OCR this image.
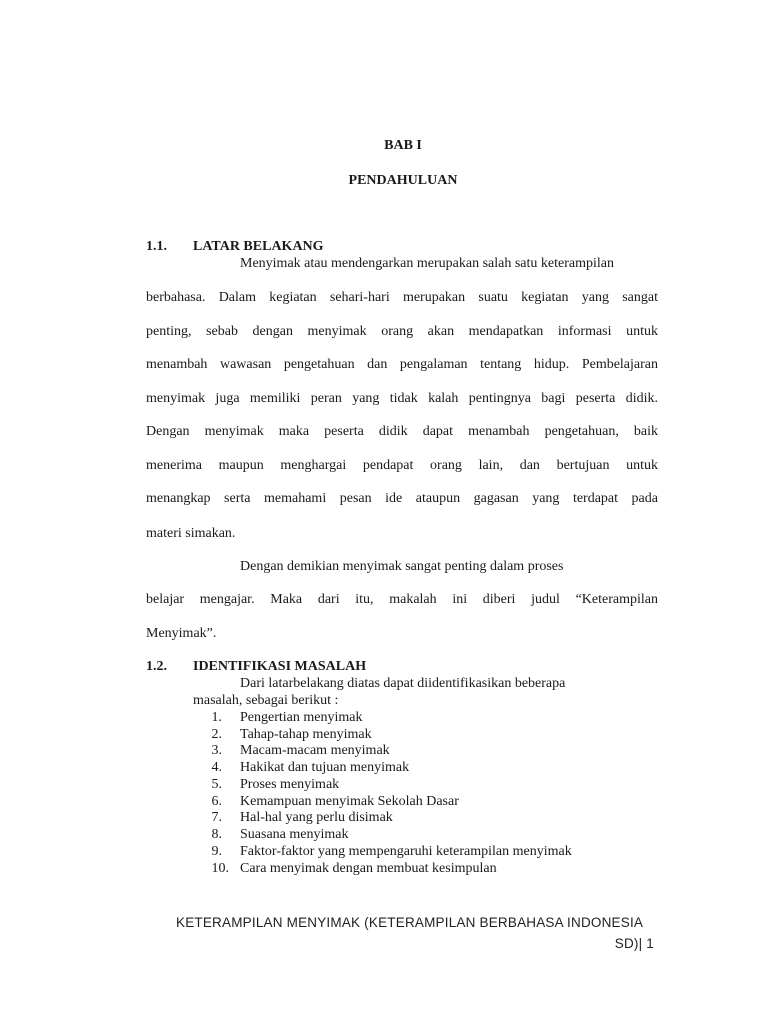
BAB I
PENDAHULUAN
1.1. LATAR BELAKANG
Menyimak atau mendengarkan merupakan salah satu keterampilan
berbahasa. Dalam kegiatan sehari-hari merupakan suatu kegiatan yang sangat
penting, sebab dengan menyimak orang akan mendapatkan informasi untuk
menambah wawasan pengetahuan dan pengalaman tentang hidup. Pembelajaran
menyimak juga memiliki peran yang tidak kalah pentingnya bagi peserta didik.
Dengan menyimak maka peserta didik dapat menambah pengetahuan, baik
menerima maupun menghargai pendapat orang lain, dan bertujuan untuk
menangkap serta memahami pesan ide ataupun gagasan yang terdapat pada
materi simakan.
Dengan demikian menyimak sangat penting dalam proses
belajar mengajar. Maka dari itu, makalah ini diberi judul “Keterampilan
Menyimak”.
1.2. IDENTIFIKASI MASALAH
Dari latarbelakang diatas dapat diidentifikasikan beberapa
masalah, sebagai berikut :
1. Pengertian menyimak
2. Tahap-tahap menyimak
3. Macam-macam menyimak
4. Hakikat dan tujuan menyimak
5. Proses menyimak
6. Kemampuan menyimak Sekolah Dasar
7. Hal-hal yang perlu disimak
8. Suasana menyimak
9. Faktor-faktor yang mempengaruhi keterampilan menyimak
10. Cara menyimak dengan membuat kesimpulan
KETERAMPILAN MENYIMAK (KETERAMPILAN BERBAHASA INDONESIA
SD)| 1
